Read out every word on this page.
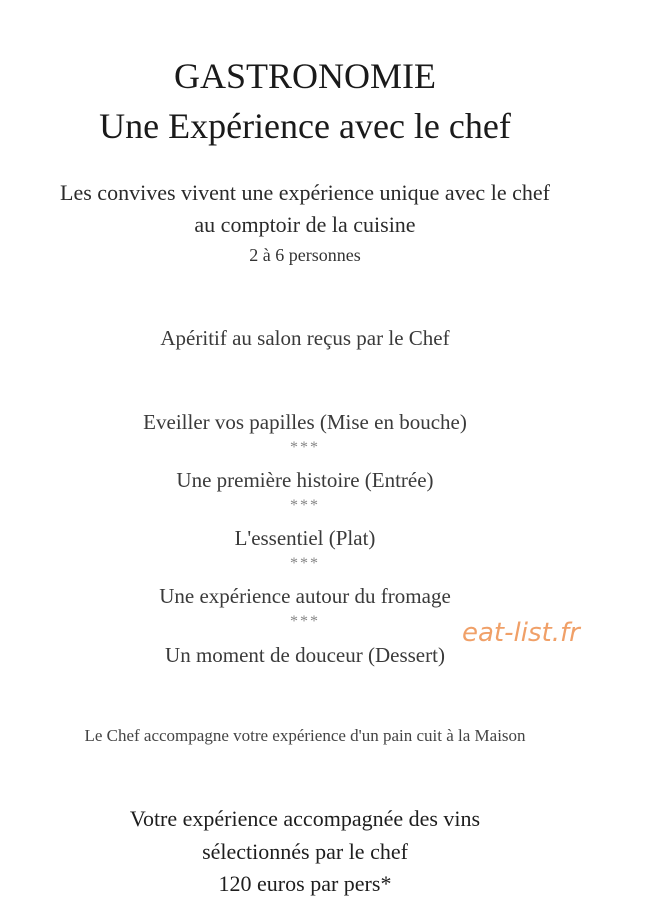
GASTRONOMIE
Une Expérience avec le chef
Les convives vivent une expérience unique avec le chef
au comptoir de la cuisine
2 à 6 personnes
Apéritif au salon reçus par le Chef
Eveiller vos papilles (Mise en bouche)
***
Une première histoire (Entrée)
***
L'essentiel (Plat)
***
Une expérience autour du fromage
***
Un moment de douceur (Dessert)
Le Chef accompagne votre expérience d'un pain cuit à la Maison
Votre expérience accompagnée des vins
sélectionnés par le chef
120 euros par pers*
eat-list.fr
